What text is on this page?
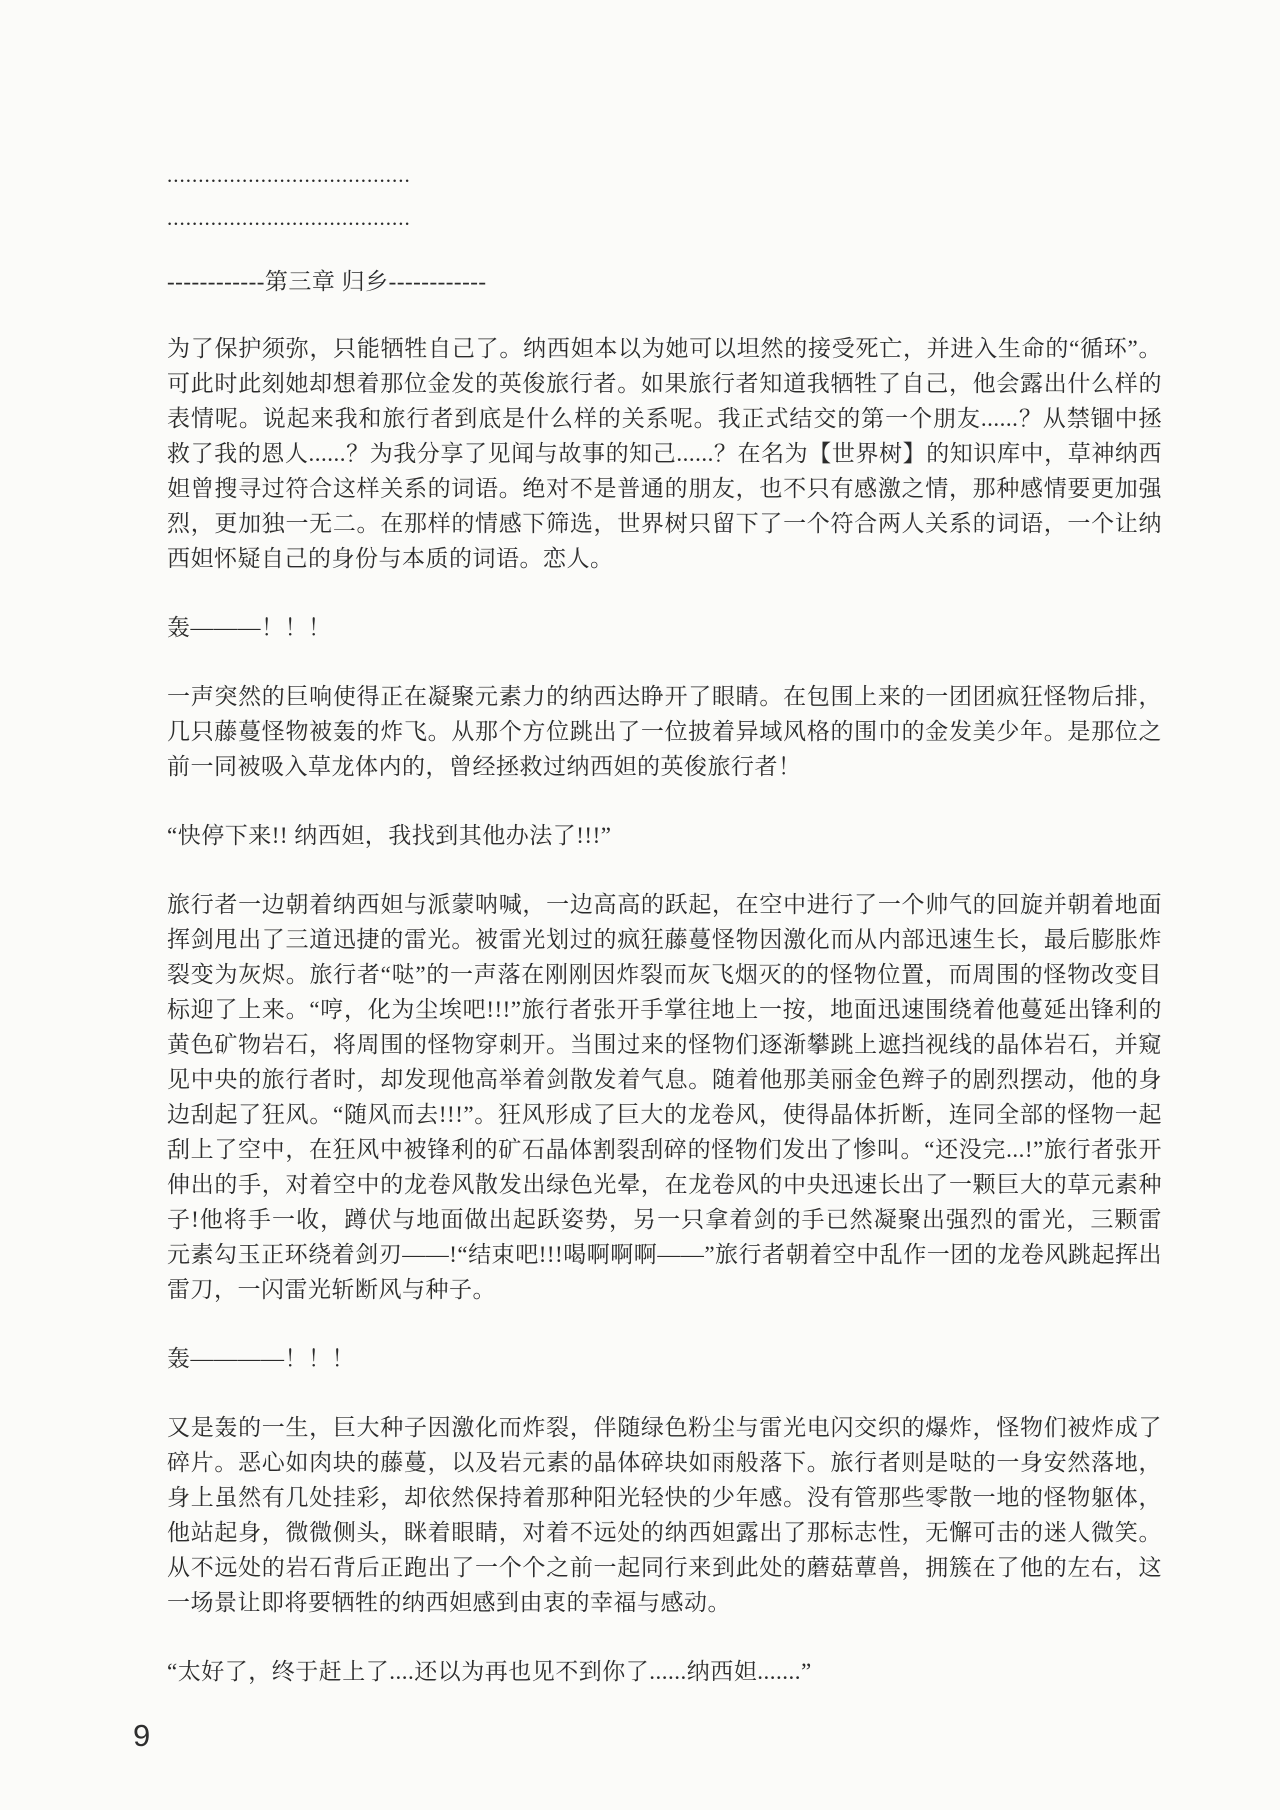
.......................................
.......................................
------------第三章 归乡------------
为了保护须弥，只能牺牲自己了。纳西妲本以为她可以坦然的接受死亡，并进入生命的“循环”。可此时此刻她却想着那位金发的英俊旅行者。如果旅行者知道我牺牲了自己，他会露出什么样的表情呢。说起来我和旅行者到底是什么样的关系呢。我正式结交的第一个朋友......？从禁锢中拯救了我的恩人......？为我分享了见闻与故事的知己......？在名为【世界树】的知识库中，草神纳西妲曾搜寻过符合这样关系的词语。绝对不是普通的朋友，也不只有感激之情，那种感情要更加强烈，更加独一无二。在那样的情感下筛选，世界树只留下了一个符合两人关系的词语，一个让纳西妲怀疑自己的身份与本质的词语。恋人。
轰———！！！
一声突然的巨响使得正在凝聚元素力的纳西达睁开了眼睛。在包围上来的一团团疯狂怪物后排，几只藤蔓怪物被轰的炸飞。从那个方位跳出了一位披着异域风格的围巾的金发美少年。是那位之前一同被吸入草龙体内的，曾经拯救过纳西妲的英俊旅行者！
“快停下来!! 纳西妲，我找到其他办法了!!!”
旅行者一边朝着纳西妲与派蒙呐喊，一边高高的跃起，在空中进行了一个帅气的回旋并朝着地面挥剑甩出了三道迅捷的雷光。被雷光划过的疯狂藤蔓怪物因激化而从内部迅速生长，最后膨胀炸裂变为灰烬。旅行者“哒”的一声落在刚刚因炸裂而灰飞烟灭的的怪物位置，而周围的怪物改变目标迎了上来。“哼，化为尘埃吧!!!”旅行者张开手掌往地上一按，地面迅速围绕着他蔓延出锋利的黄色矿物岩石，将周围的怪物穿刺开。当围过来的怪物们逐渐攀跳上遮挡视线的晶体岩石，并窥见中央的旅行者时，却发现他高举着剑散发着气息。随着他那美丽金色辫子的剧烈摆动，他的身边刮起了狂风。“随风而去!!!”。狂风形成了巨大的龙卷风，使得晶体折断，连同全部的怪物一起刮上了空中，在狂风中被锋利的矿石晶体割裂刮碎的怪物们发出了惨叫。“还没完...!”旅行者张开伸出的手，对着空中的龙卷风散发出绿色光晕，在龙卷风的中央迅速长出了一颗巨大的草元素种子!他将手一收，蹲伏与地面做出起跃姿势，另一只拿着剑的手已然凝聚出强烈的雷光，三颗雷元素勾玉正环绕着剑刃——!“结束吧!!!喝啊啊啊——”旅行者朝着空中乱作一团的龙卷风跳起挥出雷刀，一闪雷光斩断风与种子。
轰————！！！
又是轰的一生，巨大种子因激化而炸裂，伴随绿色粉尘与雷光电闪交织的爆炸，怪物们被炸成了碎片。恶心如肉块的藤蔓，以及岩元素的晶体碎块如雨般落下。旅行者则是哒的一身安然落地，身上虽然有几处挂彩，却依然保持着那种阳光轻快的少年感。没有管那些零散一地的怪物躯体，他站起身，微微侧头，眯着眼睛，对着不远处的纳西妲露出了那标志性，无懈可击的迷人微笑。从不远处的岩石背后正跑出了一个个之前一起同行来到此处的蘑菇蕈兽，拥簇在了他的左右，这一场景让即将要牺牲的纳西妲感到由衷的幸福与感动。
“太好了，终于赶上了....还以为再也见不到你了......纳西妲.......”
9
